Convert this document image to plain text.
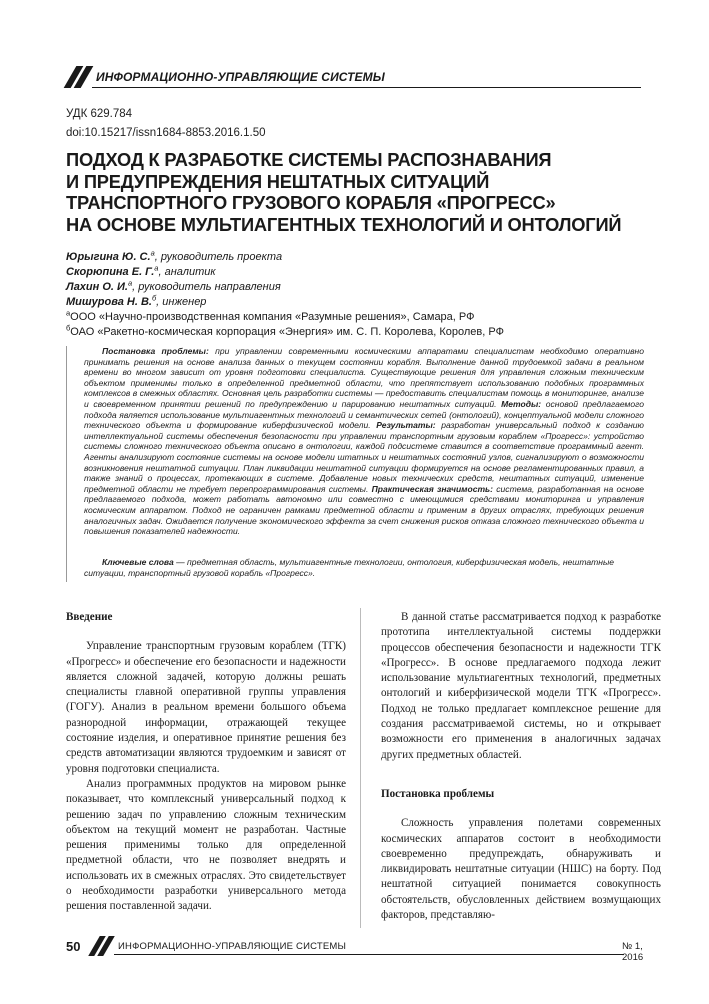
ИНФОРМАЦИОННО-УПРАВЛЯЮЩИЕ СИСТЕМЫ
УДК 629.784
doi:10.15217/issn1684-8853.2016.1.50
ПОДХОД К РАЗРАБОТКЕ СИСТЕМЫ РАСПОЗНАВАНИЯ
И ПРЕДУПРЕЖДЕНИЯ НЕШТАТНЫХ СИТУАЦИЙ
ТРАНСПОРТНОГО ГРУЗОВОГО КОРАБЛЯ «ПРОГРЕСС»
НА ОСНОВЕ МУЛЬТИАГЕНТНЫХ ТЕХНОЛОГИЙ И ОНТОЛОГИЙ
Юрыгина Ю. С.$^а$, руководитель проекта
Скорюпина Е. Г.$^а$, аналитик
Лахин О. И.$^а$, руководитель направления
Мишурова Н. В.$^б$, инженер
$^а$ООО «Научно-производственная компания «Разумные решения», Самара, РФ
$^б$ОАО «Ракетно-космическая корпорация «Энергия» им. С. П. Королева, Королев, РФ
Постановка проблемы: при управлении современными космическими аппаратами специалистам необходимо оперативно принимать решения на основе анализа данных о текущем состоянии корабля. Выполнение данной трудоемкой задачи в реальном времени во многом зависит от уровня подготовки специалиста. Существующие решения для управления сложным техническим объектом применимы только в определенной предметной области, что препятствует использованию подобных программных комплексов в смежных областях. Основная цель разработки системы — предоставить специалистам помощь в мониторинге, анализе и своевременном принятии решений по предупреждению и парированию нештатных ситуаций. Методы: основой предлагаемого подхода является использование мультиагентных технологий и семантических сетей (онтологий), концептуальной модели сложного технического объекта и формирование киберфизической модели. Результаты: разработан универсальный подход к созданию интеллектуальной системы обеспечения безопасности при управлении транспортным грузовым кораблем «Прогресс»: устройство системы сложного технического объекта описано в онтологии, каждой подсистеме ставится в соответствие программный агент. Агенты анализируют состояние системы на основе модели штатных и нештатных состояний узлов, сигнализируют о возможности возникновения нештатной ситуации. План ликвидации нештатной ситуации формируется на основе регламентированных правил, а также знаний о процессах, протекающих в системе. Добавление новых технических средств, нештатных ситуаций, изменение предметной области не требует перепрограммирования системы. Практическая значимость: система, разработанная на основе предлагаемого подхода, может работать автономно или совместно с имеющимися средствами мониторинга и управления космическим аппаратом. Подход не ограничен рамками предметной области и применим в других отраслях, требующих решения аналогичных задач. Ожидается получение экономического эффекта за счет снижения рисков отказа сложного технического объекта и повышения показателей надежности.
Ключевые слова — предметная область, мультиагентные технологии, онтология, киберфизическая модель, нештатные ситуации, транспортный грузовой корабль «Прогресс».
Введение

Управление транспортным грузовым кораблем (ТГК) «Прогресс» и обеспечение его безопасности и надежности является сложной задачей, которую должны решать специалисты главной оперативной группы управления (ГОГУ). Анализ в реальном времени большого объема разнородной информации, отражающей текущее состояние изделия, и оперативное принятие решения без средств автоматизации являются трудоемким и зависят от уровня подготовки специалиста.

Анализ программных продуктов на мировом рынке показывает, что комплексный универсальный подход к решению задач по управлению сложным техническим объектом на текущий момент не разработан. Частные решения применимы только для определенной предметной области, что не позволяет внедрять и использовать их в смежных отраслях. Это свидетельствует о необходимости разработки универсального метода решения поставленной задачи.

В данной статье рассматривается подход к разработке прототипа интеллектуальной системы поддержки процессов обеспечения безопасности и надежности ТГК «Прогресс». В основе предлагаемого подхода лежит использование мультиагентных технологий, предметных онтологий и киберфизической модели ТГК «Прогресс». Подход не только предлагает комплексное решение для создания рассматриваемой системы, но и открывает возможности его применения в аналогичных задачах других предметных областей.

Постановка проблемы

Сложность управления полетами современных космических аппаратов состоит в необходимости своевременно предупреждать, обнаруживать и ликвидировать нештатные ситуации (НШС) на борту. Под нештатной ситуацией понимается совокупность обстоятельств, обусловленных действием возмущающих факторов, представляю-

50	ИНФОРМАЦИОННО-УПРАВЛЯЮЩИЕ СИСТЕМЫ	№ 1, 2016
